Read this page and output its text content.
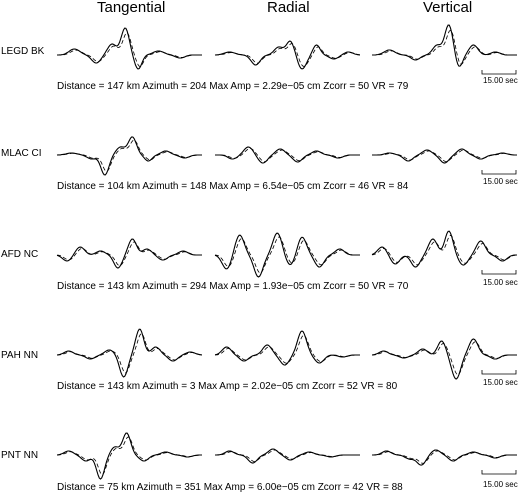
Tangential	Radial	Vertical
LEGD BK
Distance = 147 km Azimuth = 204 Max Amp = 2.29e−05 cm Zcorr = 50 VR = 79
15.00 sec
MLAC CI
Distance = 104 km Azimuth = 148 Max Amp = 6.54e−05 cm Zcorr = 46 VR = 84	15.00 sec
AFD NC
Distance = 143 km Azimuth = 294 Max Amp = 1.93e−05 cm Zcorr = 50 VR = 70	15.00 sec
PAH NN
Distance = 143 km Azimuth = 3 Max Amp = 2.02e−05 cm Zcorr = 52 VR = 80	15.00 sec
PNT NN
Distance = 75 km Azimuth = 351 Max Amp = 6.00e−05 cm Zcorr = 42 VR = 88	15.00 sec
